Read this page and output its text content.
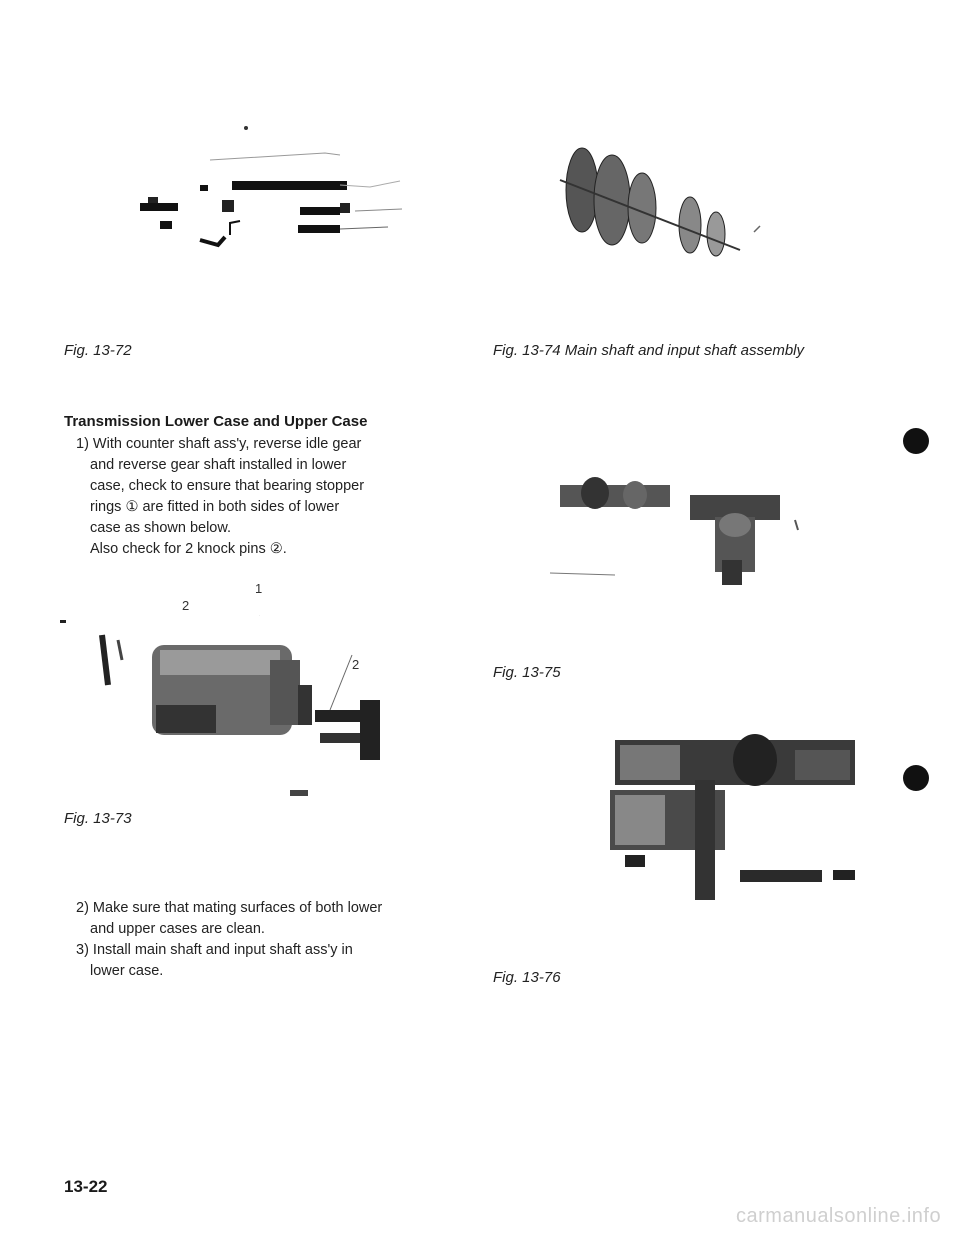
Fig. 13-72	Fig. 13-74 Main shaft and input shaft assembly
Transmission Lower Case and Upper Case
1) With counter shaft ass'y, reverse idle gear
and reverse gear shaft installed in lower
case, check to ensure that bearing stopper
rings ① are fitted in both sides of lower
case as shown below.
Also check for 2 knock pins ②.
1
2
2
Fig. 13-73
2) Make sure that mating surfaces of both lower
and upper cases are clean.
3) Install main shaft and input shaft ass'y in
lower case.
Fig. 13-75
Fig. 13-76
13-22
carmanualsonline.info
